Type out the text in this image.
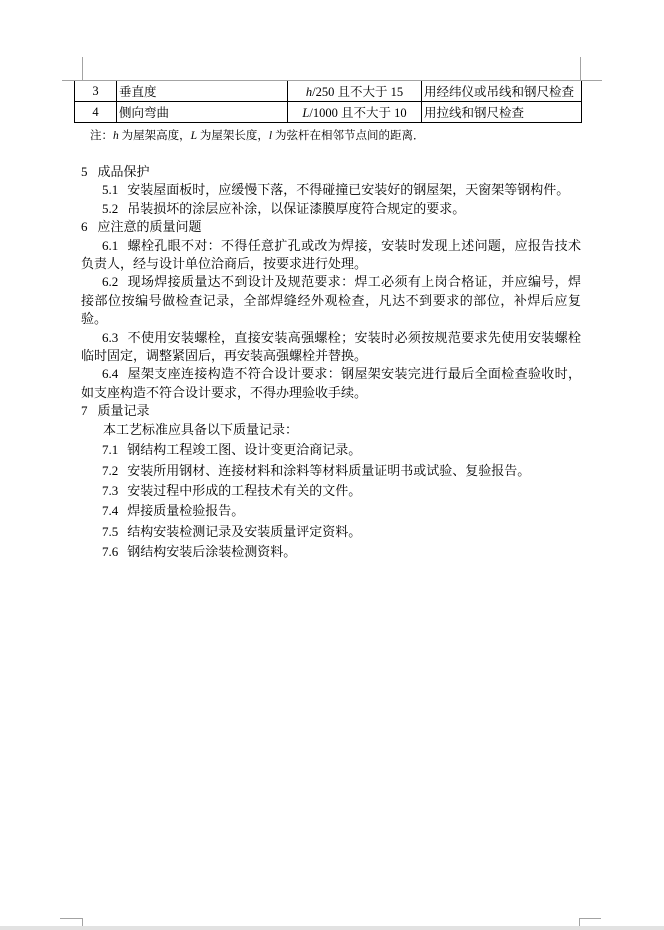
3	垂直度	h/250 且不大于 15	用经纬仪或吊线和钢尺检查
4	侧向弯曲	L/1000 且不大于 10	用拉线和钢尺检查
注：h 为屋架高度，L 为屋架长度，l 为弦杆在相邻节点间的距离．
5 成品保护
5.1 安装屋面板时，应缓慢下落，不得碰撞已安装好的钢屋架，天窗架等钢构件。
5.2 吊装损坏的涂层应补涂，以保证漆膜厚度符合规定的要求。
6 应注意的质量问题
6.1 螺栓孔眼不对：不得任意扩孔或改为焊接，安装时发现上述问题，应报告技术负责人，经与设计单位洽商后，按要求进行处理。
6.2 现场焊接质量达不到设计及规范要求：焊工必须有上岗合格证，并应编号，焊接部位按编号做检查记录，全部焊缝经外观检查，凡达不到要求的部位，补焊后应复验。
6.3 不使用安装螺栓，直接安装高强螺栓；安装时必须按规范要求先使用安装螺栓临时固定，调整紧固后，再安装高强螺栓并替换。
6.4 屋架支座连接构造不符合设计要求：钢屋架安装完进行最后全面检查验收时，如支座构造不符合设计要求，不得办理验收手续。
7 质量记录
本工艺标准应具备以下质量记录：
7.1 钢结构工程竣工图、设计变更洽商记录。
7.2 安装所用钢材、连接材料和涂料等材料质量证明书或试验、复验报告。
7.3 安装过程中形成的工程技术有关的文件。
7.4 焊接质量检验报告。
7.5 结构安装检测记录及安装质量评定资料。
7.6 钢结构安装后涂装检测资料。
